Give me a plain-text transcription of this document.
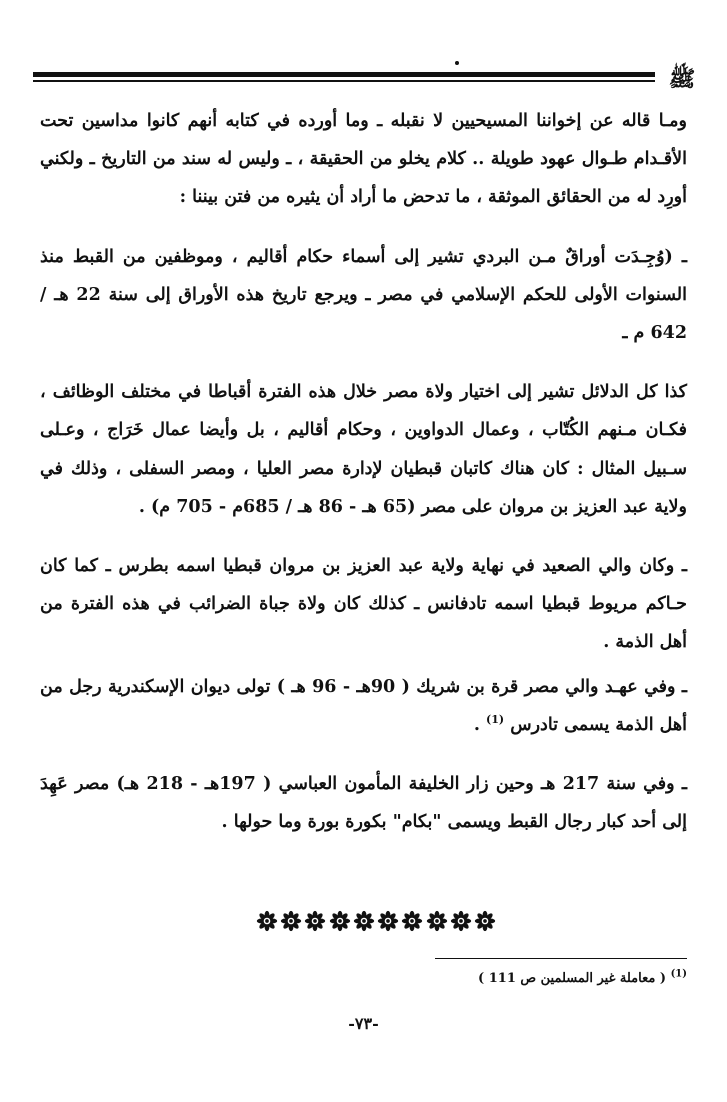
ﷺ

ومـا قاله عن إخواننا المسيحيين لا نقبله ـ وما أورده في كتابه أنهم كانوا مداسين تحت الأقـدام طـوال عهود طويلة .. كلام يخلو من الحقيقة ، ـ وليس له سند من التاريخ ـ ولكني أورِد له من الحقائق الموثقة ، ما تدحض ما أراد أن يثيره من فتن بيننا :

ـ (وُجِـدَت أوراقٌ مـن البردي تشير إلى أسماء حكام أقاليم ، وموظفين من القبط منذ السنوات الأولى للحكم الإسلامي في مصر ـ ويرجع تاريخ هذه الأوراق إلى سنة 22 هـ / 642 م ـ

كذا كل الدلائل تشير إلى اختيار ولاة مصر خلال هذه الفترة أقباطا في مختلف الوظائف ، فكـان مـنهم الكُتّاب ، وعمال الدواوين ، وحكام أقاليم ، بل وأيضا عمال خَرَاج ، وعـلى سـبيل المثال : كان هناك كاتبان قبطيان لإدارة مصر العليا ، ومصر السفلى ، وذلك في ولاية عبد العزيز بن مروان على مصر (65 هـ - 86 هـ / 685م - 705 م) .

ـ وكان والي الصعيد في نهاية ولاية عبد العزيز بن مروان قبطيا اسمه بطرس ـ كما كان حـاكم مريوط قبطيا اسمه تادفانس ـ كذلك كان ولاة جباة الضرائب في هذه الفترة من أهل الذمة .

ـ وفي عهـد والي مصر قرة بن شريك ( 90هـ - 96 هـ ) تولى ديوان الإسكندرية رجل من أهل الذمة يسمى تادرس $^{(1)}$ .

ـ وفي سنة 217 هـ وحين زار الخليفة المأمون العباسي ( 197هـ - 218 هـ) مصر عَهِدَ إلى أحد كبار رجال القبط ويسمى "بكام" بكورة بورة وما حولها .

$^{(1)}$ ( معاملة غير المسلمين ص 111 )
-٧٣-
